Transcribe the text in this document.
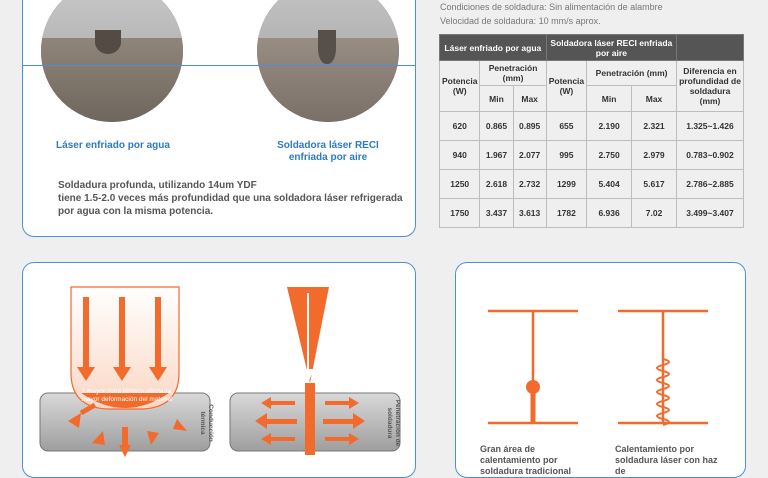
Láser enfriado por agua	Soldadora láser RECI enfriada por aire
Soldadura profunda, utilizando 14um YDF
tiene 1.5-2.0 veces más profundidad que una soldadora láser refrigerada por agua con la misma potencia.
Condiciones de soldadura: Sin alimentación de alambre
Velocidad de soldadura: 10 mm/s aprox.
Láser enfriado por agua			Soldadora láser RECI enfriada por aire			
Potencia (W)	Penetración (mm)		Potencia (W)	Penetración (mm)		Diferencia en profundidad de soldadura (mm)
	Min	Max		Min	Max	
620	0.865	0.895	655	2.190	2.321	1.325~1.426
940	1.967	2.077	995	2.750	2.979	0.783~0.902
1250	2.618	2.732	1299	5.404	5.617	2.786~2.885
1750	3.437	3.613	1782	6.936	7.02	3.499~3.407
A mayor zona térmica afectada, mayor deformación del material
Conducción térmica	Penetración de soldadura
Gran área de calentamiento por soldadura tradicional
Calentamiento por soldadura láser con haz de
